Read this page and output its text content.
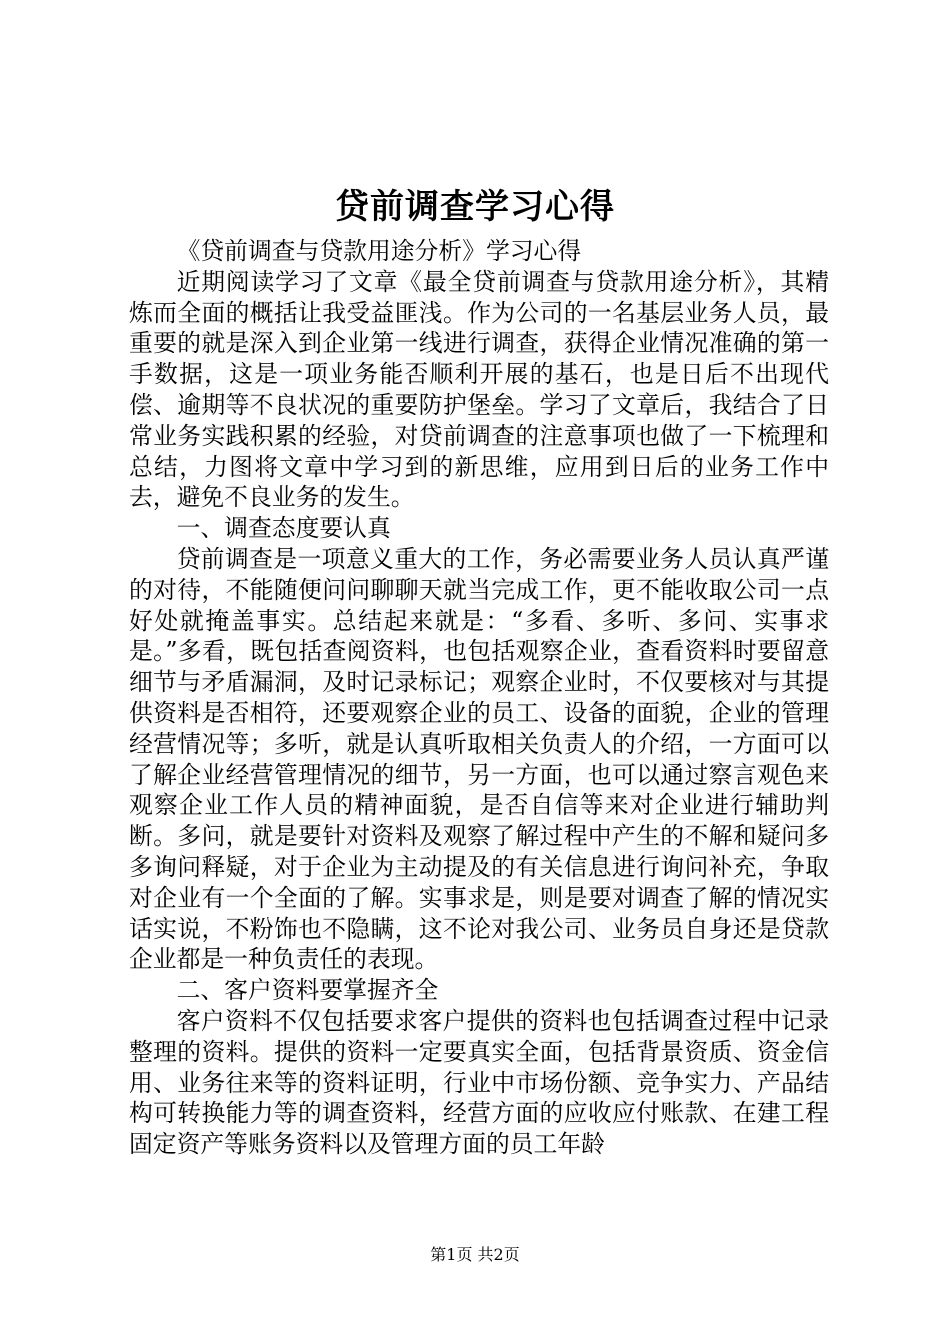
贷前调查学习心得

《贷前调查与贷款用途分析》学习心得

近期阅读学习了文章《最全贷前调查与贷款用途分析》，其精炼而全面的概括让我受益匪浅。作为公司的一名基层业务人员，最重要的就是深入到企业第一线进行调查，获得企业情况准确的第一手数据，这是一项业务能否顺利开展的基石，也是日后不出现代偿、逾期等不良状况的重要防护堡垒。学习了文章后，我结合了日常业务实践积累的经验，对贷前调查的注意事项也做了一下梳理和总结，力图将文章中学习到的新思维，应用到日后的业务工作中去，避免不良业务的发生。

一、调查态度要认真

贷前调查是一项意义重大的工作，务必需要业务人员认真严谨的对待，不能随便问问聊聊天就当完成工作，更不能收取公司一点好处就掩盖事实。总结起来就是：“多看、多听、多问、实事求是。”多看，既包括查阅资料，也包括观察企业，查看资料时要留意细节与矛盾漏洞，及时记录标记；观察企业时，不仅要核对与其提供资料是否相符，还要观察企业的员工、设备的面貌，企业的管理经营情况等；多听，就是认真听取相关负责人的介绍，一方面可以了解企业经营管理情况的细节，另一方面，也可以通过察言观色来观察企业工作人员的精神面貌，是否自信等来对企业进行辅助判断。多问，就是要针对资料及观察了解过程中产生的不解和疑问多多询问释疑，对于企业为主动提及的有关信息进行询问补充，争取对企业有一个全面的了解。实事求是，则是要对调查了解的情况实话实说，不粉饰也不隐瞒，这不论对我公司、业务员自身还是贷款企业都是一种负责任的表现。

二、客户资料要掌握齐全

客户资料不仅包括要求客户提供的资料也包括调查过程中记录整理的资料。提供的资料一定要真实全面，包括背景资质、资金信用、业务往来等的资料证明，行业中市场份额、竞争实力、产品结构可转换能力等的调查资料，经营方面的应收应付账款、在建工程固定资产等账务资料以及管理方面的员工年龄

第1页 共2页
